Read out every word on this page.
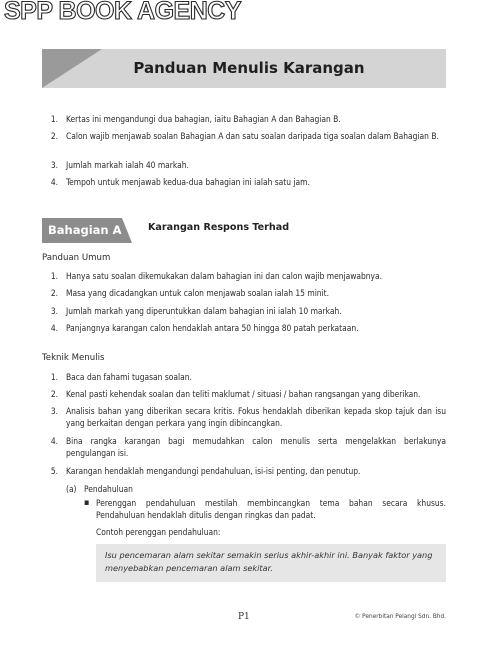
SPP BOOK AGENCY
Panduan Menulis Karangan
1. Kertas ini mengandungi dua bahagian, iaitu Bahagian A dan Bahagian B.
2. Calon wajib menjawab soalan Bahagian A dan satu soalan daripada tiga soalan dalam Bahagian B.
3. Jumlah markah ialah 40 markah.
4. Tempoh untuk menjawab kedua-dua bahagian ini ialah satu jam.
Bahagian A	Karangan Respons Terhad
Panduan Umum
1. Hanya satu soalan dikemukakan dalam bahagian ini dan calon wajib menjawabnya.
2. Masa yang dicadangkan untuk calon menjawab soalan ialah 15 minit.
3. Jumlah markah yang diperuntukkan dalam bahagian ini ialah 10 markah.
4. Panjangnya karangan calon hendaklah antara 50 hingga 80 patah perkataan.
Teknik Menulis
1. Baca dan fahami tugasan soalan.
2. Kenal pasti kehendak soalan dan teliti maklumat / situasi / bahan rangsangan yang diberikan.
3. Analisis bahan yang diberikan secara kritis. Fokus hendaklah diberikan kepada skop tajuk dan isu yang berkaitan dengan perkara yang ingin dibincangkan.
4. Bina rangka karangan bagi memudahkan calon menulis serta mengelakkan berlakunya pengulangan isi.
5. Karangan hendaklah mengandungi pendahuluan, isi-isi penting, dan penutup.
(a) Pendahuluan
▪ Perenggan pendahuluan mestilah membincangkan tema bahan secara khusus. Pendahuluan hendaklah ditulis dengan ringkas dan padat.
Contoh perenggan pendahuluan:
Isu pencemaran alam sekitar semakin serius akhir-akhir ini. Banyak faktor yang menyebabkan pencemaran alam sekitar.
P1	© Penerbitan Pelangi Sdn. Bhd.
